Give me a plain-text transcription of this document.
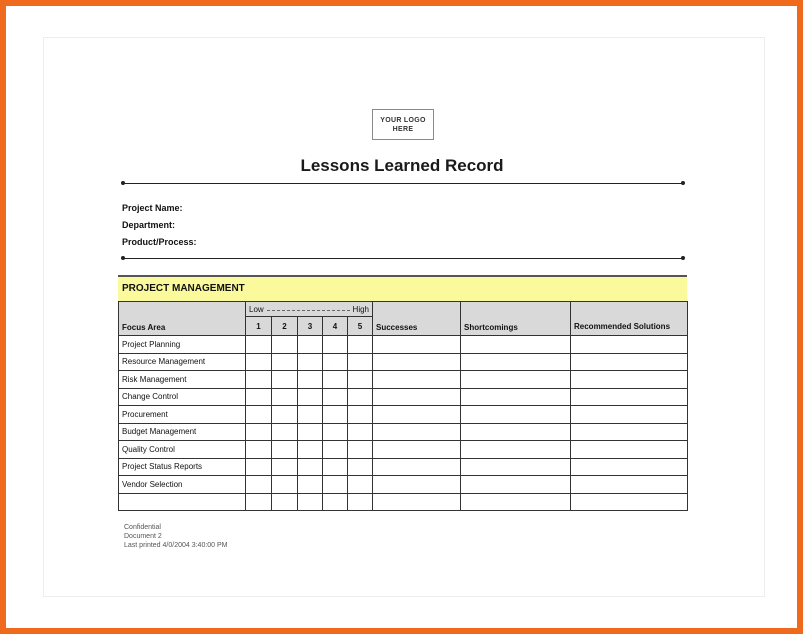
YOUR LOGO
HERE
Lessons Learned Record
Project Name:
Department:
Product/Process:
PROJECT MANAGEMENT
Focus Area	Low High					Successes	Shortcomings	Recommended Solutions
	1	2	3	4	5			
Project Planning								
Resource Management								
Risk Management								
Change Control								
Procurement								
Budget Management								
Quality Control								
Project Status Reports								
Vendor Selection								

Confidential
Document 2
Last printed 4/0/2004 3:40:00 PM
